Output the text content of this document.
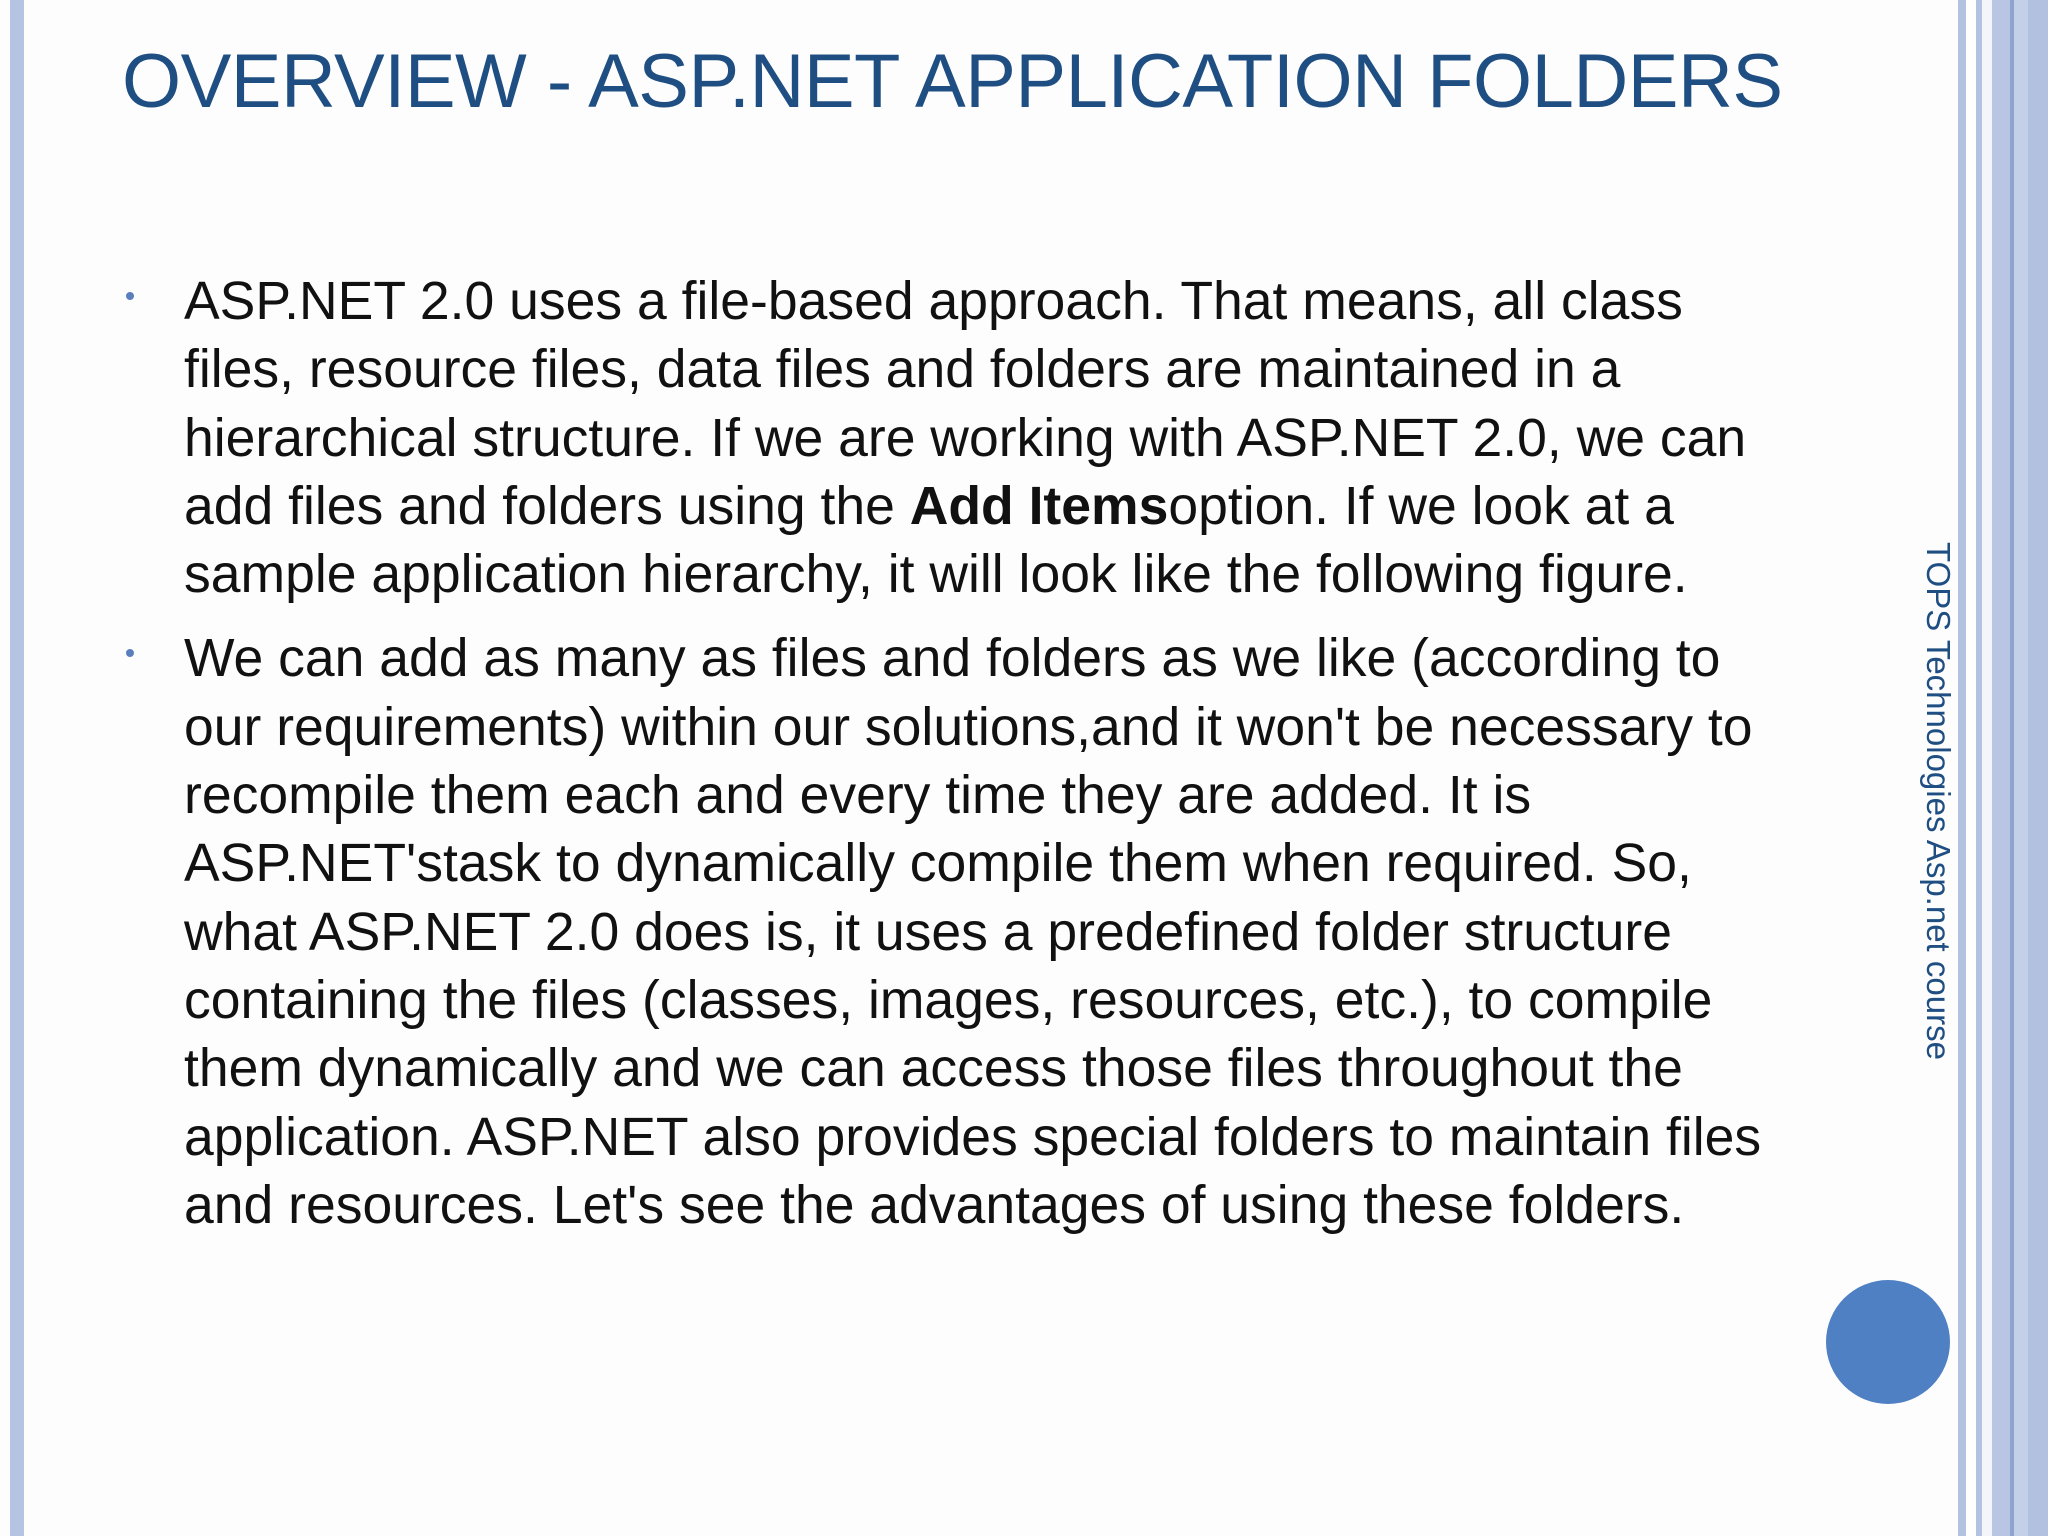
OVERVIEW - ASP.NET APPLICATION FOLDERS
ASP.NET 2.0 uses a file-based approach. That means, all class files, resource files, data files and folders are maintained in a hierarchical structure. If we are working with ASP.NET 2.0, we can add files and folders using the Add Itemsoption. If we look at a sample application hierarchy, it will look like the following figure.
We can add as many as files and folders as we like (according to our requirements) within our solutions,and it won't be necessary to recompile them each and every time they are added. It is ASP.NET'stask to dynamically compile them when required. So, what ASP.NET 2.0 does is, it uses a predefined folder structure containing the files (classes, images, resources, etc.), to compile them dynamically and we can access those files throughout the application. ASP.NET also provides special folders to maintain files and resources. Let's see the advantages of using these folders.
TOPS Technologies Asp.net course
